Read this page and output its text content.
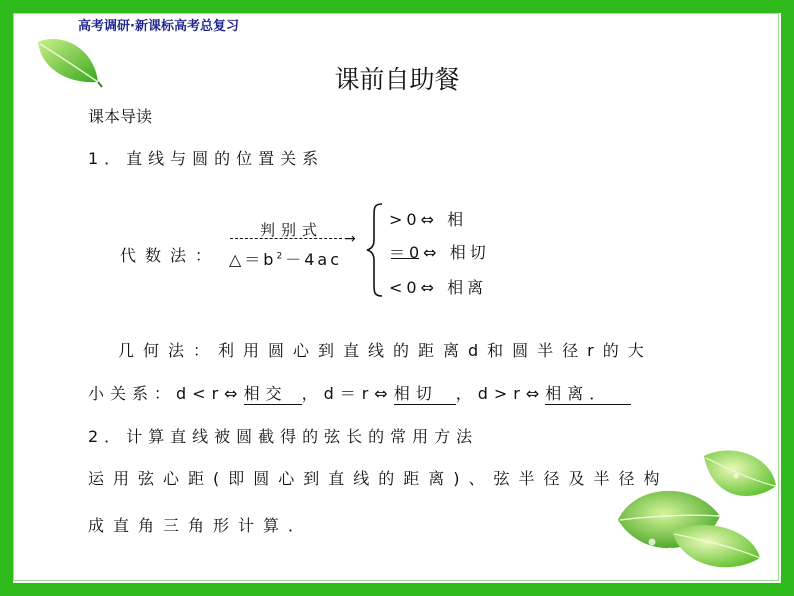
高考调研·新课标高考总复习
课前自助餐
课本导读
1．直线与圆的位置关系
代数法：
判别式 →
$\triangle=b^2-4ac$
>0⇔ 相
＝0⇔ 相切
<0⇔ 相离
几何法：利用圆心到直线的距离d和圆半径r的大
小关系：d<r⇔相交 ，d＝r⇔相切 ，d>r⇔相离．
2．计算直线被圆截得的弦长的常用方法
运用弦心距(即圆心到直线的距离)、弦半径及半径构
成直角三角形计算．
